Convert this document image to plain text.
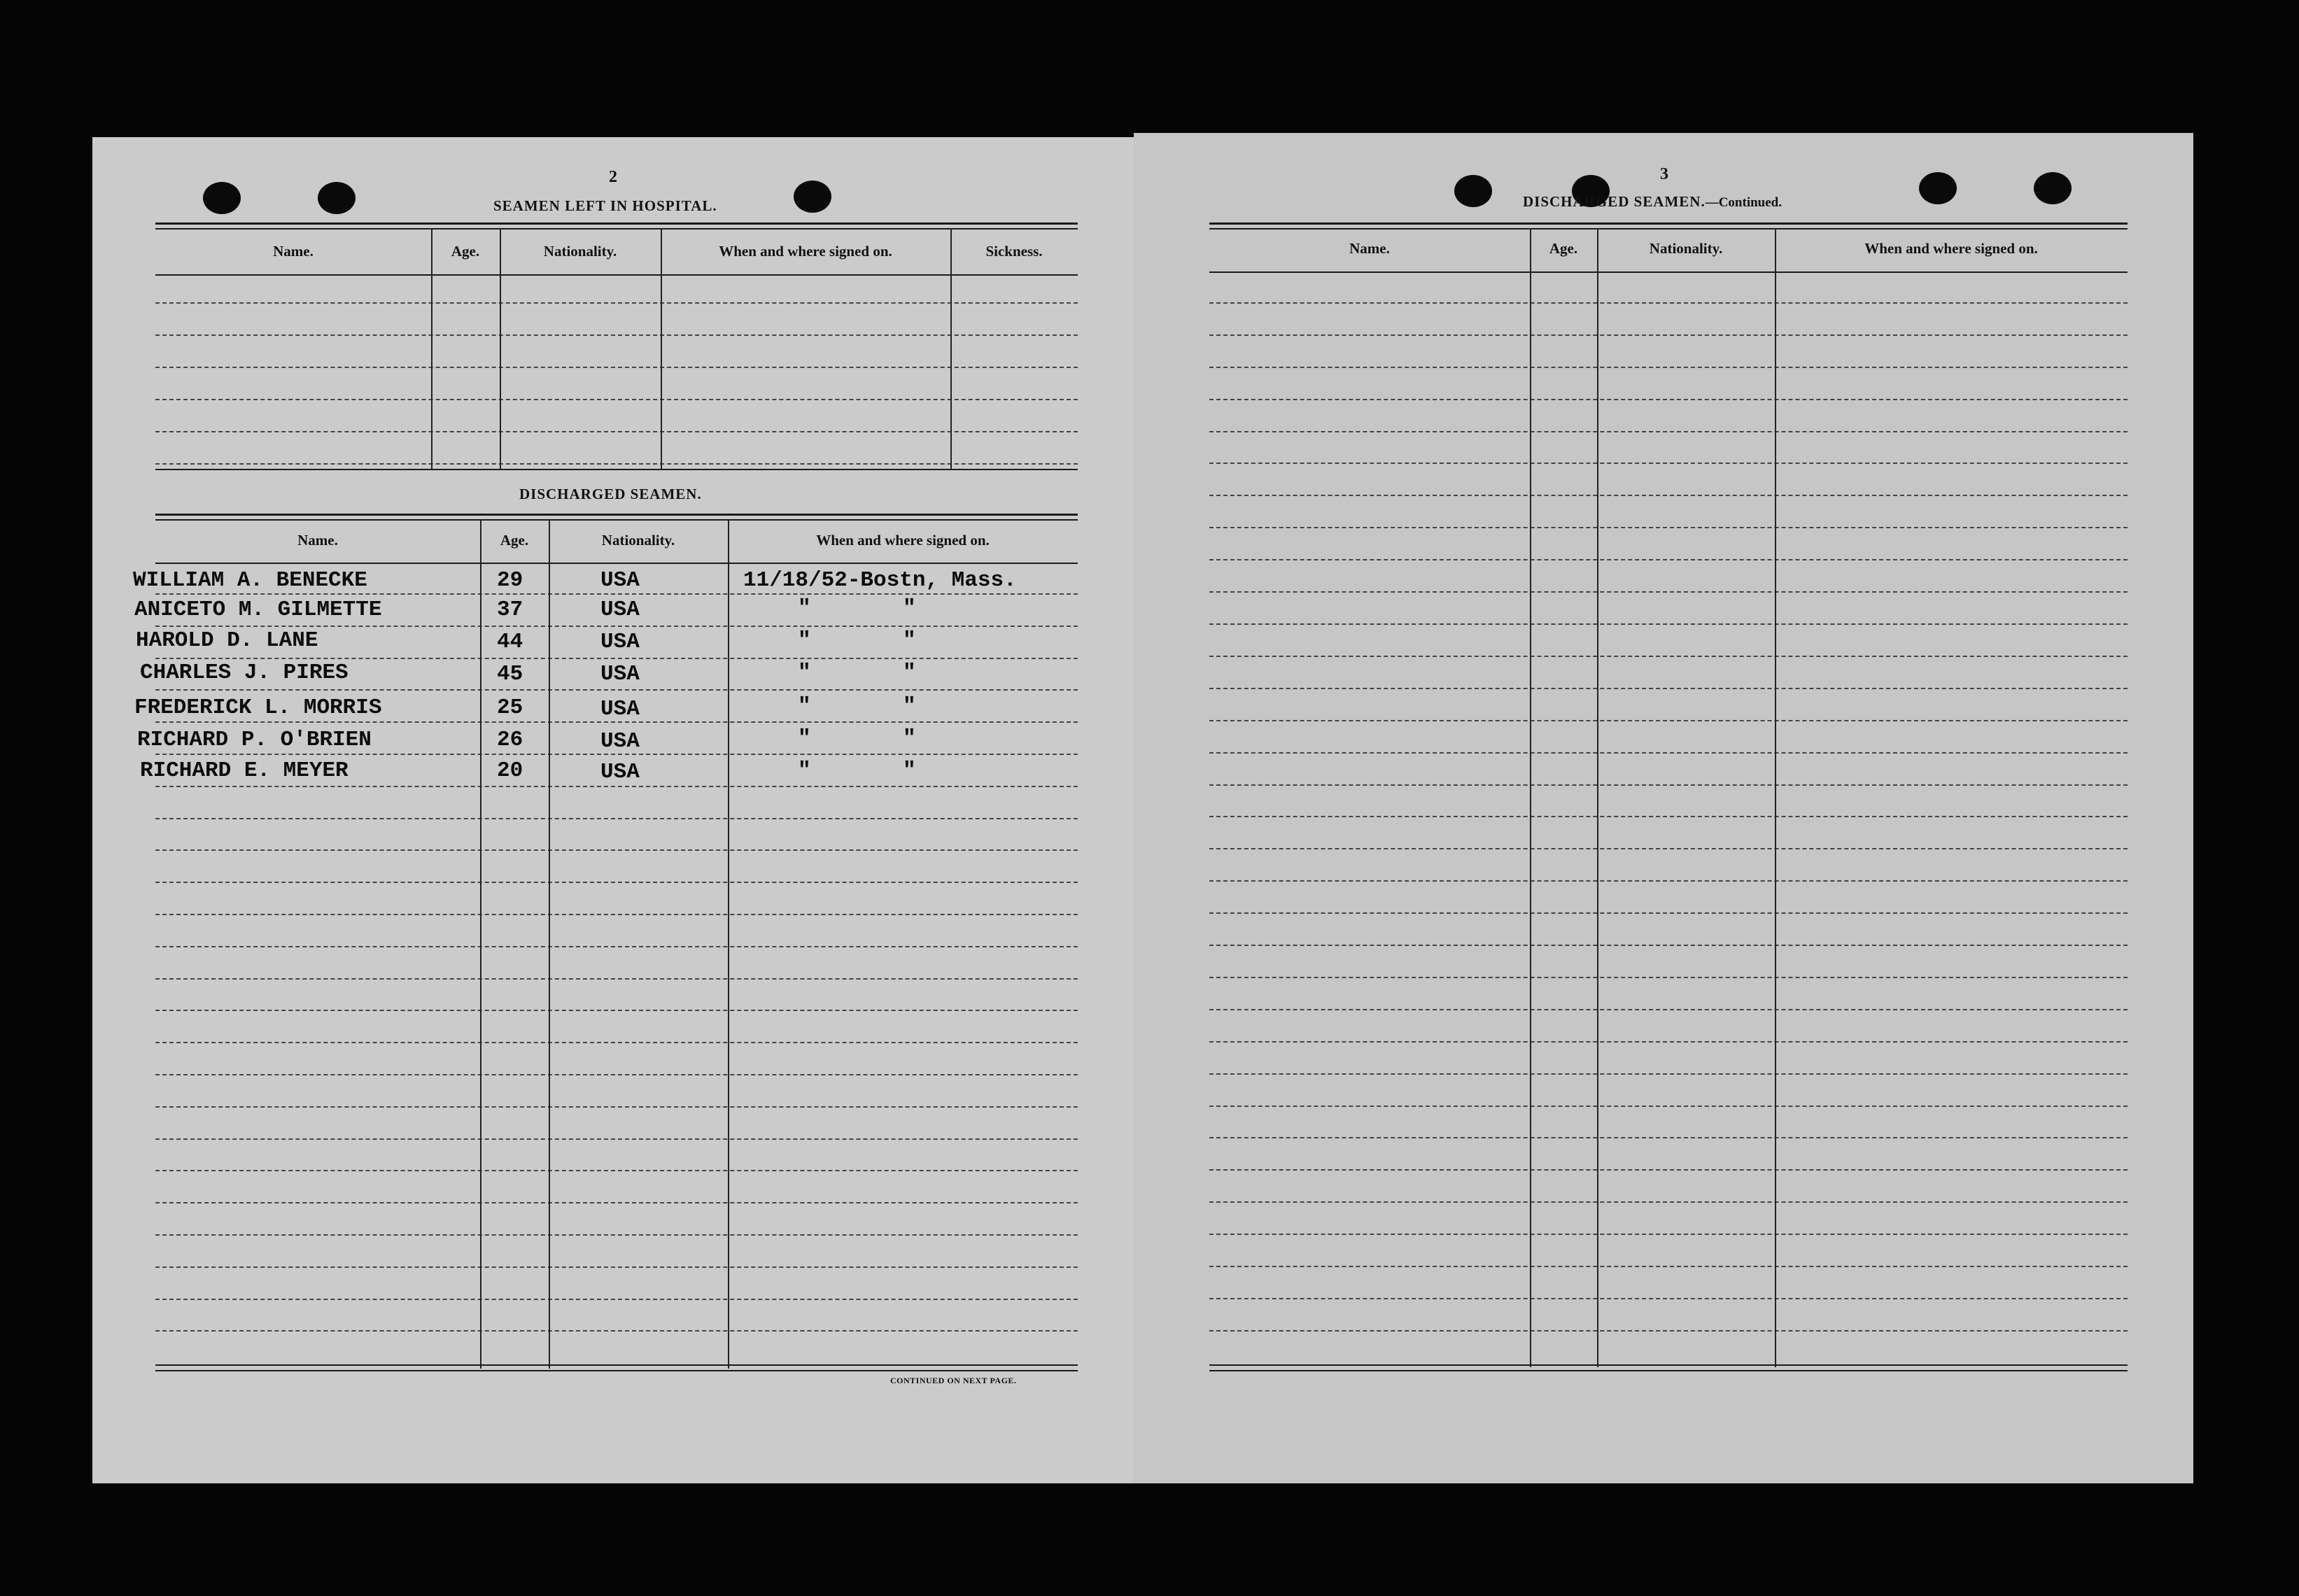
2
SEAMEN LEFT IN HOSPITAL.
Name.	Age.	Nationality.	When and where signed on.	Sickness.
DISCHARGED SEAMEN.
Name.	Age.	Nationality.	When and where signed on.
WILLIAM A. BENECKE	29	USA	11/18/52-Bostn, Mass.
ANICETO M. GILMETTE	37	USA	"	"
HAROLD D. LANE	44	USA	"	"
CHARLES J. PIRES	45	USA	"	"
FREDERICK L. MORRIS	25	USA	"	"
RICHARD P. O'BRIEN	26	USA	"	"
RICHARD E. MEYER	20	USA	"	"
CONTINUED ON NEXT PAGE.
3
DISCHARGED SEAMEN.—Continued.
Name.	Age.	Nationality.	When and where signed on.
